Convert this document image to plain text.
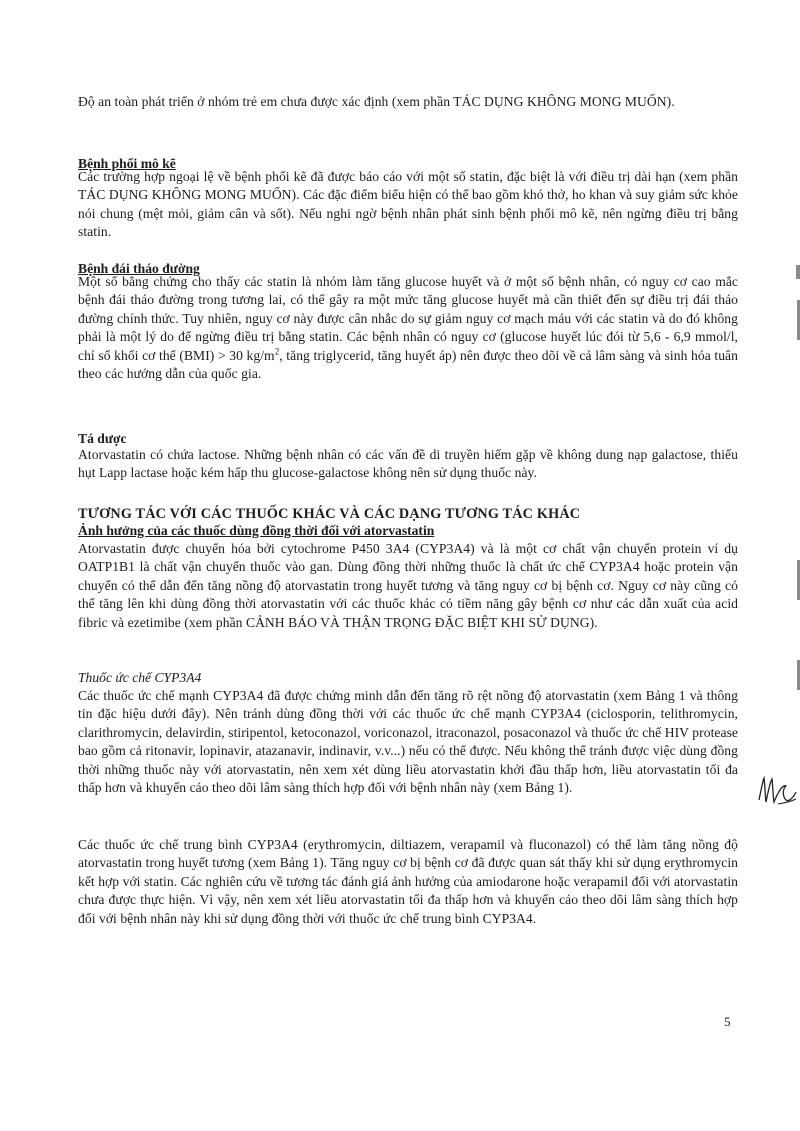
Độ an toàn phát triển ở nhóm trẻ em chưa được xác định (xem phần TÁC DỤNG KHÔNG MONG MUỐN).
Bệnh phổi mô kẽ
Các trường hợp ngoại lệ về bệnh phổi kẽ đã được báo cáo với một số statin, đặc biệt là với điều trị dài hạn (xem phần TÁC DỤNG KHÔNG MONG MUỐN). Các đặc điểm biểu hiện có thể bao gồm khó thở, ho khan và suy giảm sức khỏe nói chung (mệt mỏi, giảm cân và sốt). Nếu nghi ngờ bệnh nhân phát sinh bệnh phổi mô kẽ, nên ngừng điều trị bằng statin.
Bệnh đái tháo đường
Một số bằng chứng cho thấy các statin là nhóm làm tăng glucose huyết và ở một số bệnh nhân, có nguy cơ cao mắc bệnh đái tháo đường trong tương lai, có thể gây ra một mức tăng glucose huyết mà cần thiết đến sự điều trị đái tháo đường chính thức. Tuy nhiên, nguy cơ này được cân nhắc do sự giảm nguy cơ mạch máu với các statin và do đó không phải là một lý do để ngừng điều trị bằng statin. Các bệnh nhân có nguy cơ (glucose huyết lúc đói từ 5,6 - 6,9 mmol/l, chỉ số khối cơ thể (BMI) > 30 $kg/m^2$, tăng triglycerid, tăng huyết áp) nên được theo dõi về cả lâm sàng và sinh hóa tuân theo các hướng dẫn của quốc gia.
Tá dược
Atorvastatin có chứa lactose. Những bệnh nhân có các vấn đề di truyền hiếm gặp về không dung nạp galactose, thiếu hụt Lapp lactase hoặc kém hấp thu glucose-galactose không nên sử dụng thuốc này.
TƯƠNG TÁC VỚI CÁC THUỐC KHÁC VÀ CÁC DẠNG TƯƠNG TÁC KHÁC
Ảnh hưởng của các thuốc dùng đồng thời đối với atorvastatin
Atorvastatin được chuyển hóa bởi cytochrome P450 3A4 (CYP3A4) và là một cơ chất vận chuyển protein ví dụ OATP1B1 là chất vận chuyển thuốc vào gan. Dùng đồng thời những thuốc là chất ức chế CYP3A4 hoặc protein vận chuyển có thể dẫn đến tăng nồng độ atorvastatin trong huyết tương và tăng nguy cơ bị bệnh cơ. Nguy cơ này cũng có thể tăng lên khi dùng đồng thời atorvastatin với các thuốc khác có tiềm năng gây bệnh cơ như các dẫn xuất của acid fibric và ezetimibe (xem phần CẢNH BÁO VÀ THẬN TRỌNG ĐẶC BIỆT KHI SỬ DỤNG).
Thuốc ức chế CYP3A4
Các thuốc ức chế mạnh CYP3A4 đã được chứng minh dẫn đến tăng rõ rệt nồng độ atorvastatin (xem Bảng 1 và thông tin đặc hiệu dưới đây). Nên tránh dùng đồng thời với các thuốc ức chế mạnh CYP3A4 (ciclosporin, telithromycin, clarithromycin, delavirdin, stiripentol, ketoconazol, voriconazol, itraconazol, posaconazol và thuốc ức chế HIV protease bao gồm cả ritonavir, lopinavir, atazanavir, indinavir, v.v...) nếu có thể được. Nếu không thể tránh được việc dùng đồng thời những thuốc này với atorvastatin, nên xem xét dùng liều atorvastatin khởi đầu thấp hơn, liều atorvastatin tối đa thấp hơn và khuyến cáo theo dõi lâm sàng thích hợp đối với bệnh nhân này (xem Bảng 1).
Các thuốc ức chế trung bình CYP3A4 (erythromycin, diltiazem, verapamil và fluconazol) có thể làm tăng nồng độ atorvastatin trong huyết tương (xem Bảng 1). Tăng nguy cơ bị bệnh cơ đã được quan sát thấy khi sử dụng erythromycin kết hợp với statin. Các nghiên cứu về tương tác đánh giá ảnh hưởng của amiodarone hoặc verapamil đối với atorvastatin chưa được thực hiện. Vì vậy, nên xem xét liều atorvastatin tối đa thấp hơn và khuyến cáo theo dõi lâm sàng thích hợp đối với bệnh nhân này khi sử dụng đồng thời với thuốc ức chế trung bình CYP3A4.
5
